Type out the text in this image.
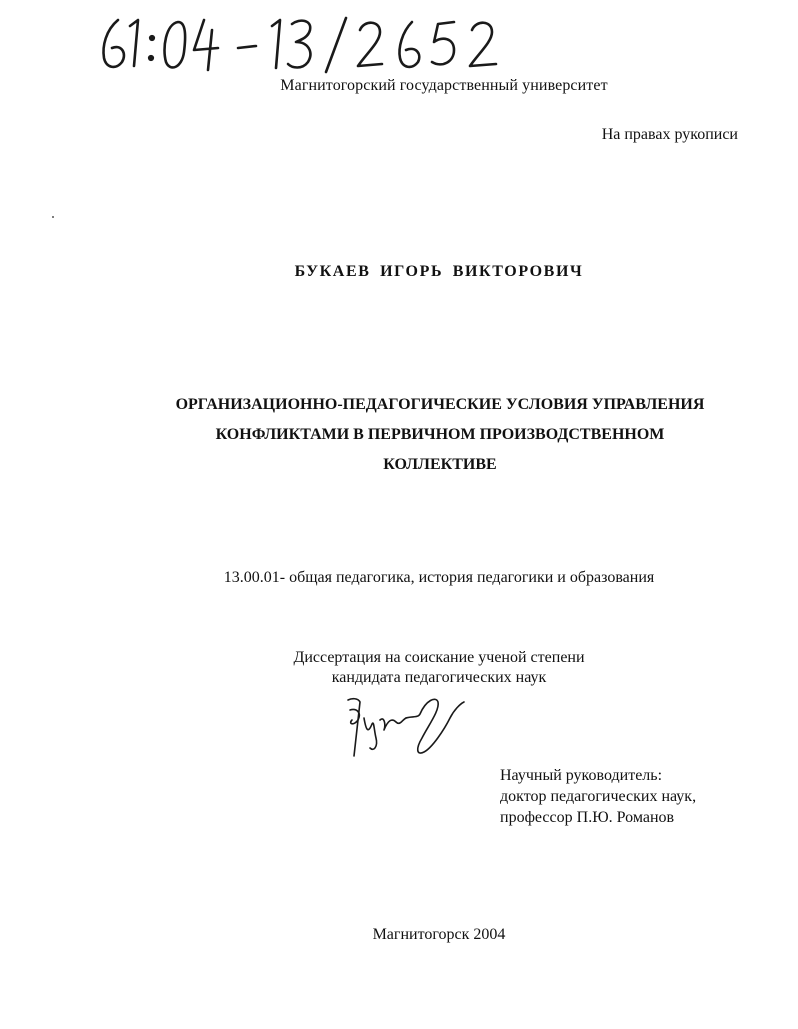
Магнитогорский государственный университет
На правах рукописи
БУКАЕВ ИГОРЬ ВИКТОРОВИЧ
ОРГАНИЗАЦИОННО-ПЕДАГОГИЧЕСКИЕ УСЛОВИЯ УПРАВЛЕНИЯ
КОНФЛИКТАМИ В ПЕРВИЧНОМ ПРОИЗВОДСТВЕННОМ
КОЛЛЕКТИВЕ
13.00.01- общая педагогика, история педагогики и образования
Диссертация на соискание ученой степени
кандидата педагогических наук
Научный руководитель:
доктор педагогических наук,
профессор П.Ю. Романов
Магнитогорск 2004
